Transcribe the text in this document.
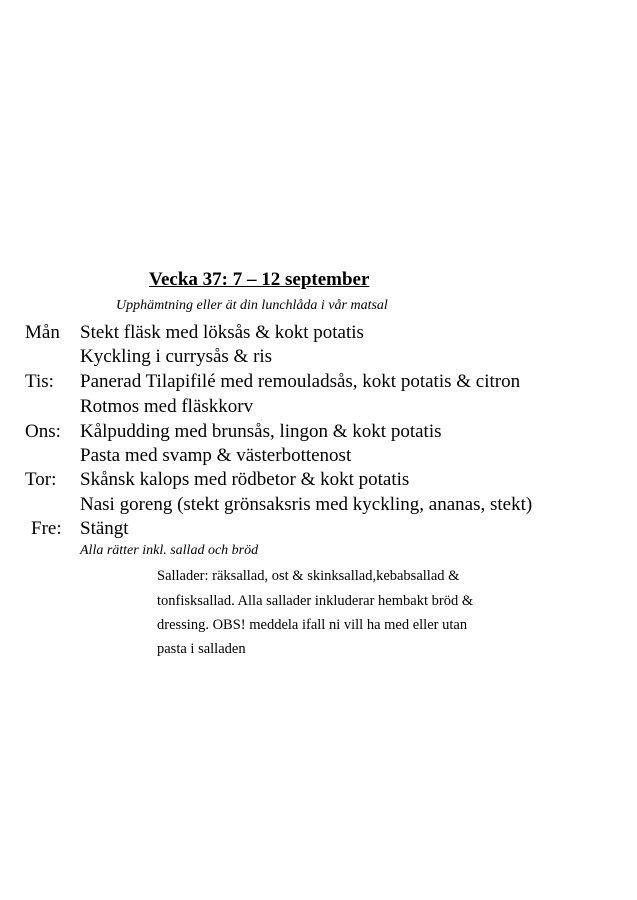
Vecka 37: 7 – 12 september
Upphämtning eller ät din lunchlåda i vår matsal
Mån Stekt fläsk med löksås & kokt potatis
Kyckling i currysås & ris
Tis: Panerad Tilapifilé med remouladsås, kokt potatis & citron
Rotmos med fläskkorv
Ons: Kålpudding med brunsås, lingon & kokt potatis
Pasta med svamp & västerbottenost
Tor: Skånsk kalops med rödbetor & kokt potatis
Nasi goreng (stekt grönsaksris med kyckling, ananas, stekt)
Fre: Stängt
Alla rätter inkl. sallad och bröd
Sallader: räksallad, ost & skinksallad,kebabsallad &
tonfisksallad. Alla sallader inkluderar hembakt bröd &
dressing. OBS! meddela ifall ni vill ha med eller utan
pasta i salladen
